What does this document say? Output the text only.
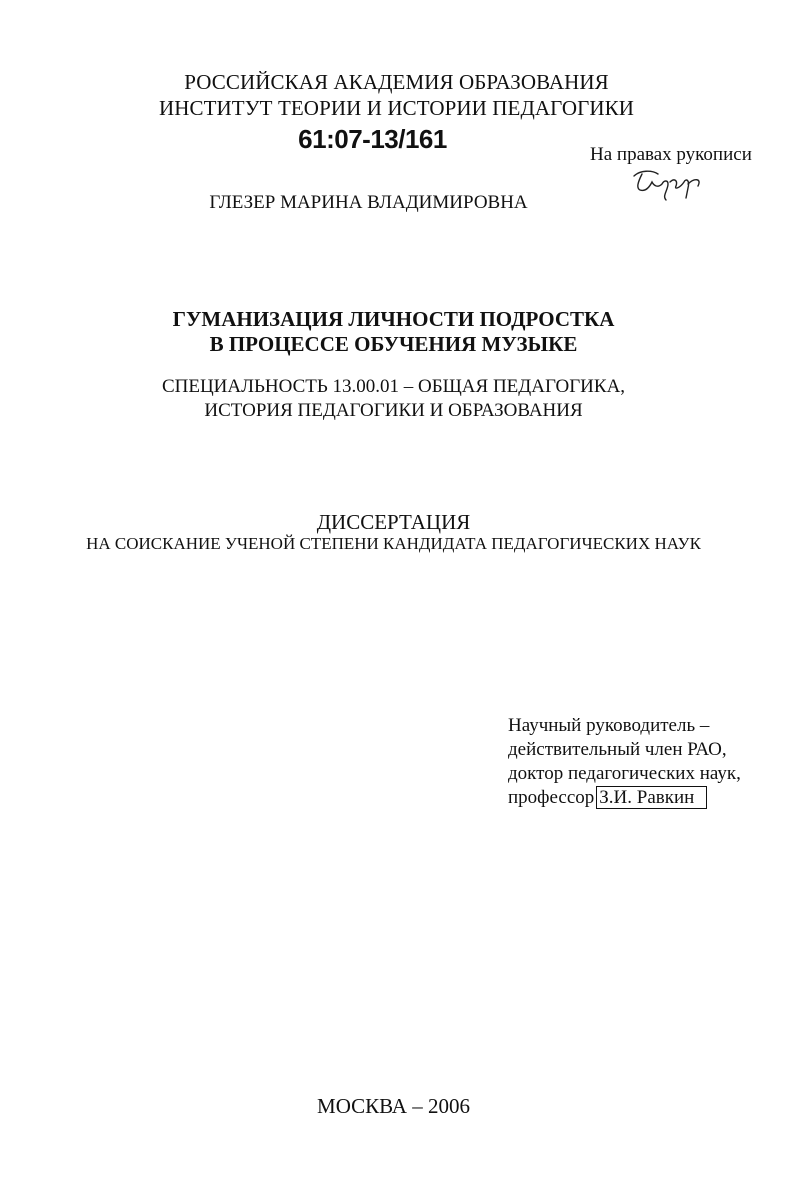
РОССИЙСКАЯ АКАДЕМИЯ ОБРАЗОВАНИЯ
ИНСТИТУТ ТЕОРИИ И ИСТОРИИ ПЕДАГОГИКИ
61:07-13/161
На правах рукописи
ГЛЕЗЕР МАРИНА ВЛАДИМИРОВНА
ГУМАНИЗАЦИЯ ЛИЧНОСТИ ПОДРОСТКА
В ПРОЦЕССЕ ОБУЧЕНИЯ МУЗЫКЕ
СПЕЦИАЛЬНОСТЬ 13.00.01 – ОБЩАЯ ПЕДАГОГИКА,
ИСТОРИЯ ПЕДАГОГИКИ И ОБРАЗОВАНИЯ
ДИССЕРТАЦИЯ
НА СОИСКАНИЕ УЧЕНОЙ СТЕПЕНИ КАНДИДАТА ПЕДАГОГИЧЕСКИХ НАУК
Научный руководитель –
действительный член РАО,
доктор педагогических наук,
профессор З.И. Равкин
МОСКВА – 2006
